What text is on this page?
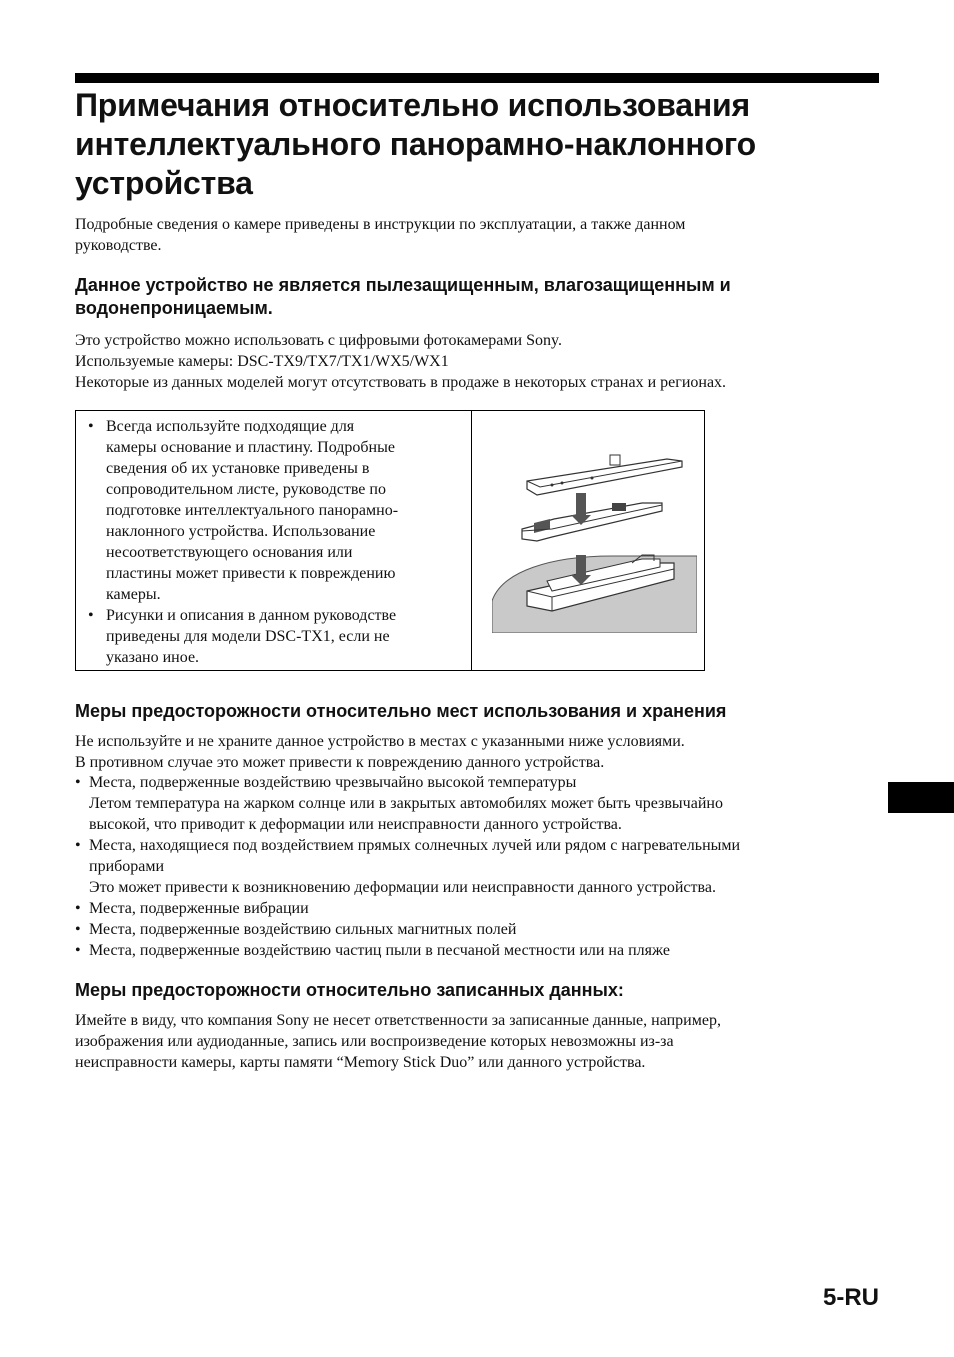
Примечания относительно использования
интеллектуального панорамно-наклонного
устройства

Подробные сведения о камере приведены в инструкции по эксплуатации, а также данном
руководстве.

Данное устройство не является пылезащищенным, влагозащищенным и
водонепроницаемым.

Это устройство можно использовать с цифровыми фотокамерами Sony.
Используемые камеры: DSC-TX9/TX7/TX1/WX5/WX1
Некоторые из данных моделей могут отсутствовать в продаже в некоторых странах и регионах.

• Всегда используйте подходящие для
камеры основание и пластину. Подробные
сведения об их установке приведены в
сопроводительном листе, руководстве по
подготовке интеллектуального панорамно-
наклонного устройства. Использование
несоответствующего основания или
пластины может привести к повреждению
камеры.
• Рисунки и описания в данном руководстве
приведены для модели DSC-TX1, если не
указано иное.
Меры предосторожности относительно мест использования и хранения

Не используйте и не храните данное устройство в местах с указанными ниже условиями.
В противном случае это может привести к повреждению данного устройства.

• Места, подверженные воздействию чрезвычайно высокой температуры
Летом температура на жарком солнце или в закрытых автомобилях может быть чрезвычайно
высокой, что приводит к деформации или неисправности данного устройства.
• Места, находящиеся под воздействием прямых солнечных лучей или рядом с нагревательными
приборами
Это может привести к возникновению деформации или неисправности данного устройства.
• Места, подверженные вибрации
• Места, подверженные воздействию сильных магнитных полей
• Места, подверженные воздействию частиц пыли в песчаной местности или на пляже
Меры предосторожности относительно записанных данных:

Имейте в виду, что компания Sony не несет ответственности за записанные данные, например,
изображения или аудиоданные, запись или воспроизведение которых невозможны из-за
неисправности камеры, карты памяти “Memory Stick Duo” или данного устройства.

5-RU
